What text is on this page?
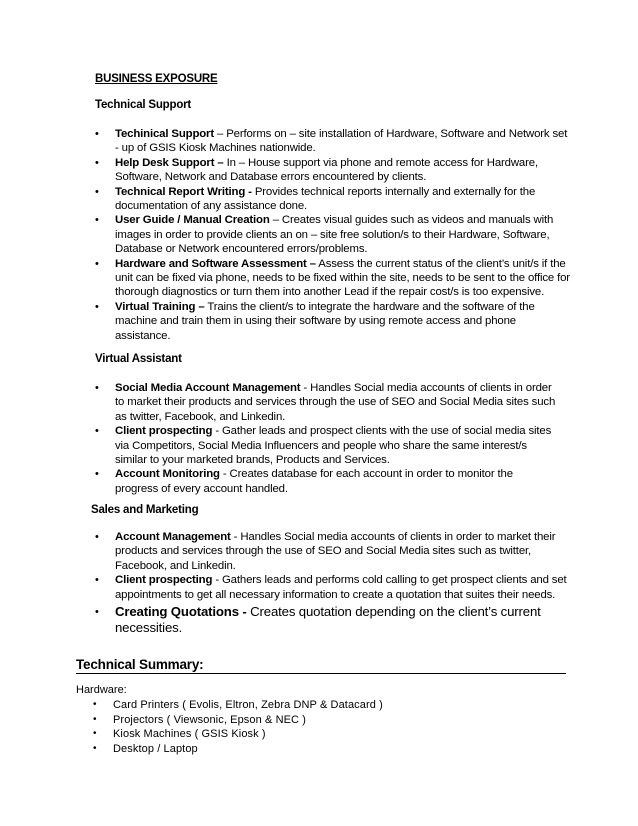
BUSINESS EXPOSURE
Technical Support
• Techinical Support – Performs on – site installation of Hardware, Software and Network set - up of GSIS Kiosk Machines nationwide.
• Help Desk Support – In – House support via phone and remote access for Hardware, Software, Network and Database errors encountered by clients.
• Technical Report Writing - Provides technical reports internally and externally for the documentation of any assistance done.
• User Guide / Manual Creation – Creates visual guides such as videos and manuals with images in order to provide clients an on – site free solution/s to their Hardware, Software, Database or Network encountered errors/problems.
• Hardware and Software Assessment – Assess the current status of the client’s unit/s if the unit can be fixed via phone, needs to be fixed within the site, needs to be sent to the office for thorough diagnostics or turn them into another Lead if the repair cost/s is too expensive.
• Virtual Training – Trains the client/s to integrate the hardware and the software of the machine and train them in using their software by using remote access and phone assistance.
Virtual Assistant
• Social Media Account Management - Handles Social media accounts of clients in order to market their products and services through the use of SEO and Social Media sites such as twitter, Facebook, and Linkedin.
• Client prospecting - Gather leads and prospect clients with the use of social media sites via Competitors, Social Media Influencers and people who share the same interest/s similar to your marketed brands, Products and Services.
• Account Monitoring - Creates database for each account in order to monitor the progress of every account handled.
Sales and Marketing
• Account Management - Handles Social media accounts of clients in order to market their products and services through the use of SEO and Social Media sites such as twitter, Facebook, and Linkedin.
• Client prospecting - Gathers leads and performs cold calling to get prospect clients and set appointments to get all necessary information to create a quotation that suites their needs.
• Creating Quotations - Creates quotation depending on the client’s current necessities.
Technical Summary:
Hardware:
• Card Printers ( Evolis, Eltron, Zebra DNP & Datacard )
• Projectors ( Viewsonic, Epson & NEC )
• Kiosk Machines ( GSIS Kiosk )
• Desktop / Laptop
